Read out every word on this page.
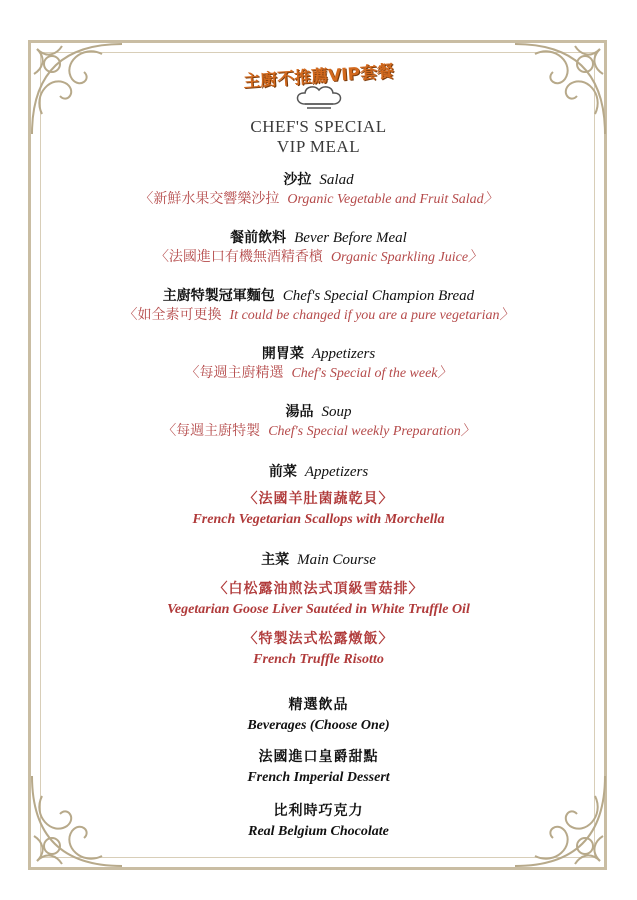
主廚不推薦VIP套餐
CHEF'S SPECIAL
VIP MEAL
沙拉 Salad
〈新鮮水果交響樂沙拉 Organic Vegetable and Fruit Salad〉
餐前飲料 Bever Before Meal
〈法國進口有機無酒精香檳 Organic Sparkling Juice〉
主廚特製冠軍麵包 Chef's Special Champion Bread
〈如全素可更換 It could be changed if you are a pure vegetarian〉
開胃菜 Appetizers
〈每週主廚精選 Chef's Special of the week〉
湯品 Soup
〈每週主廚特製 Chef's Special weekly Preparation〉
前菜 Appetizers
〈法國羊肚菌蔬乾貝〉
French Vegetarian Scallops with Morchella
主菜 Main Course
〈白松露油煎法式頂級雪菇排〉
Vegetarian Goose Liver Sautéed in White Truffle Oil
〈特製法式松露燉飯〉
French Truffle Risotto
精選飲品
Beverages (Choose One)
法國進口皇爵甜點
French Imperial Dessert
比利時巧克力
Real Belgium Chocolate
